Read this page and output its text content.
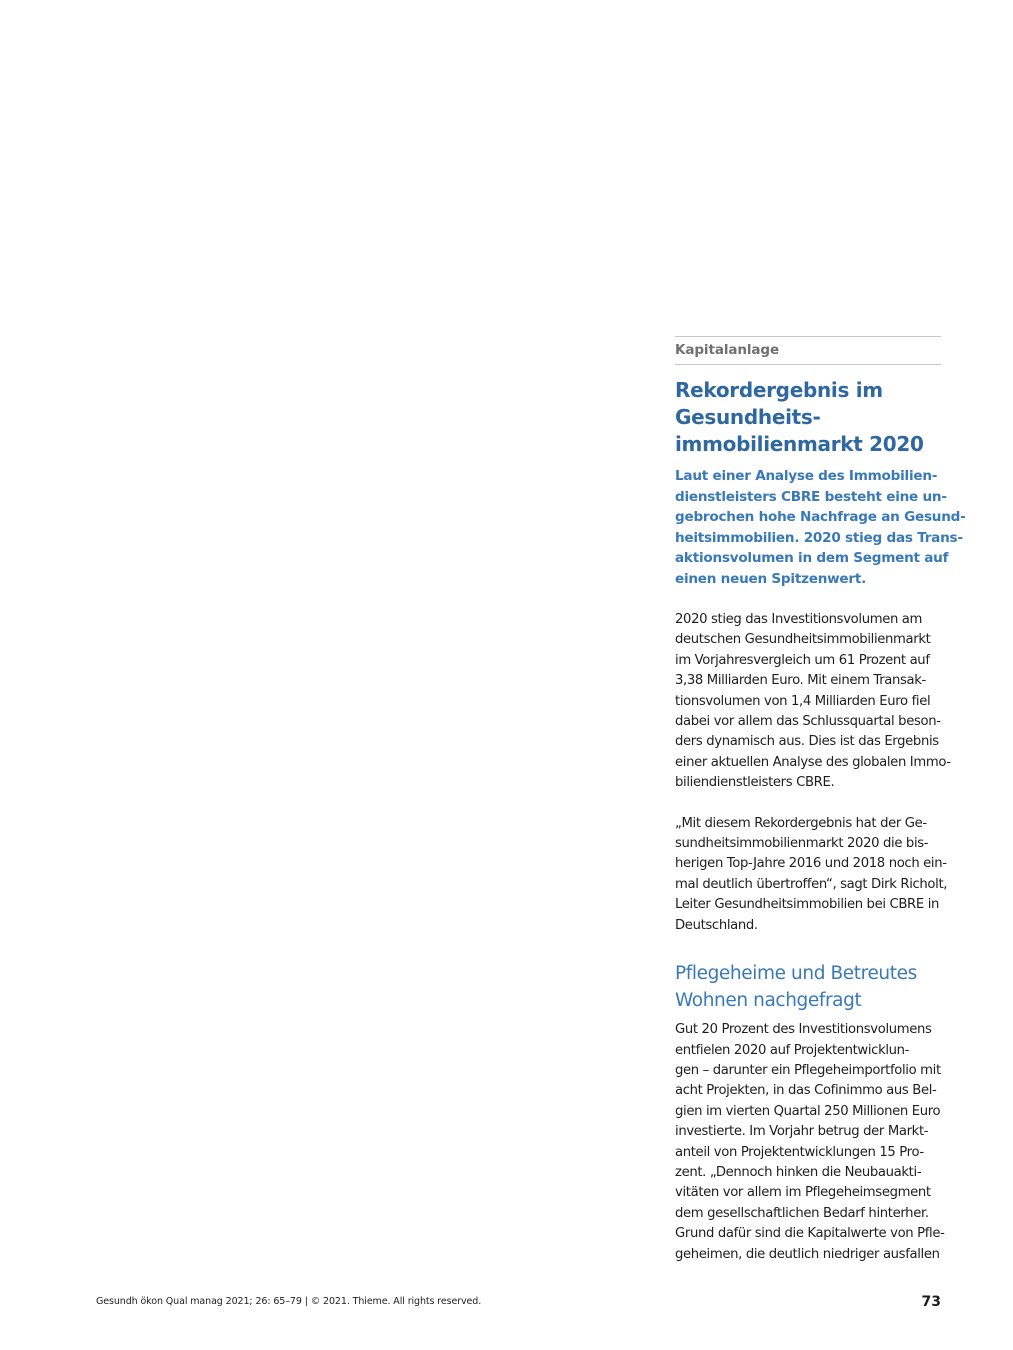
Kapitalanlage
Rekordergebnis im
Gesundheits-
immobilienmarkt 2020

Laut einer Analyse des Immobilien-
dienstleisters CBRE besteht eine un-
gebrochen hohe Nachfrage an Gesund-
heitsimmobilien. 2020 stieg das Trans-
aktionsvolumen in dem Segment auf
einen neuen Spitzenwert.

2020 stieg das Investitionsvolumen am
deutschen Gesundheitsimmobilienmarkt
im Vorjahresvergleich um 61 Prozent auf
3,38 Milliarden Euro. Mit einem Transak-
tionsvolumen von 1,4 Milliarden Euro fiel
dabei vor allem das Schlussquartal beson-
ders dynamisch aus. Dies ist das Ergebnis
einer aktuellen Analyse des globalen Immo-
biliendienstleisters CBRE.

„Mit diesem Rekordergebnis hat der Ge-
sundheitsimmobilienmarkt 2020 die bis-
herigen Top-Jahre 2016 und 2018 noch ein-
mal deutlich übertroffen“, sagt Dirk Richolt,
Leiter Gesundheitsimmobilien bei CBRE in
Deutschland.

Pflegeheime und Betreutes
Wohnen nachgefragt

Gut 20 Prozent des Investitionsvolumens
entfielen 2020 auf Projektentwicklun-
gen – darunter ein Pflegeheimportfolio mit
acht Projekten, in das Cofinimmo aus Bel-
gien im vierten Quartal 250 Millionen Euro
investierte. Im Vorjahr betrug der Markt-
anteil von Projektentwicklungen 15 Pro-
zent. „Dennoch hinken die Neubauakti-
vitäten vor allem im Pflegeheimsegment
dem gesellschaftlichen Bedarf hinterher.
Grund dafür sind die Kapitalwerte von Pfle-
geheimen, die deutlich niedriger ausfallen

Gesundh ökon Qual manag 2021; 26: 65–79 | © 2021. Thieme. All rights reserved.	73
